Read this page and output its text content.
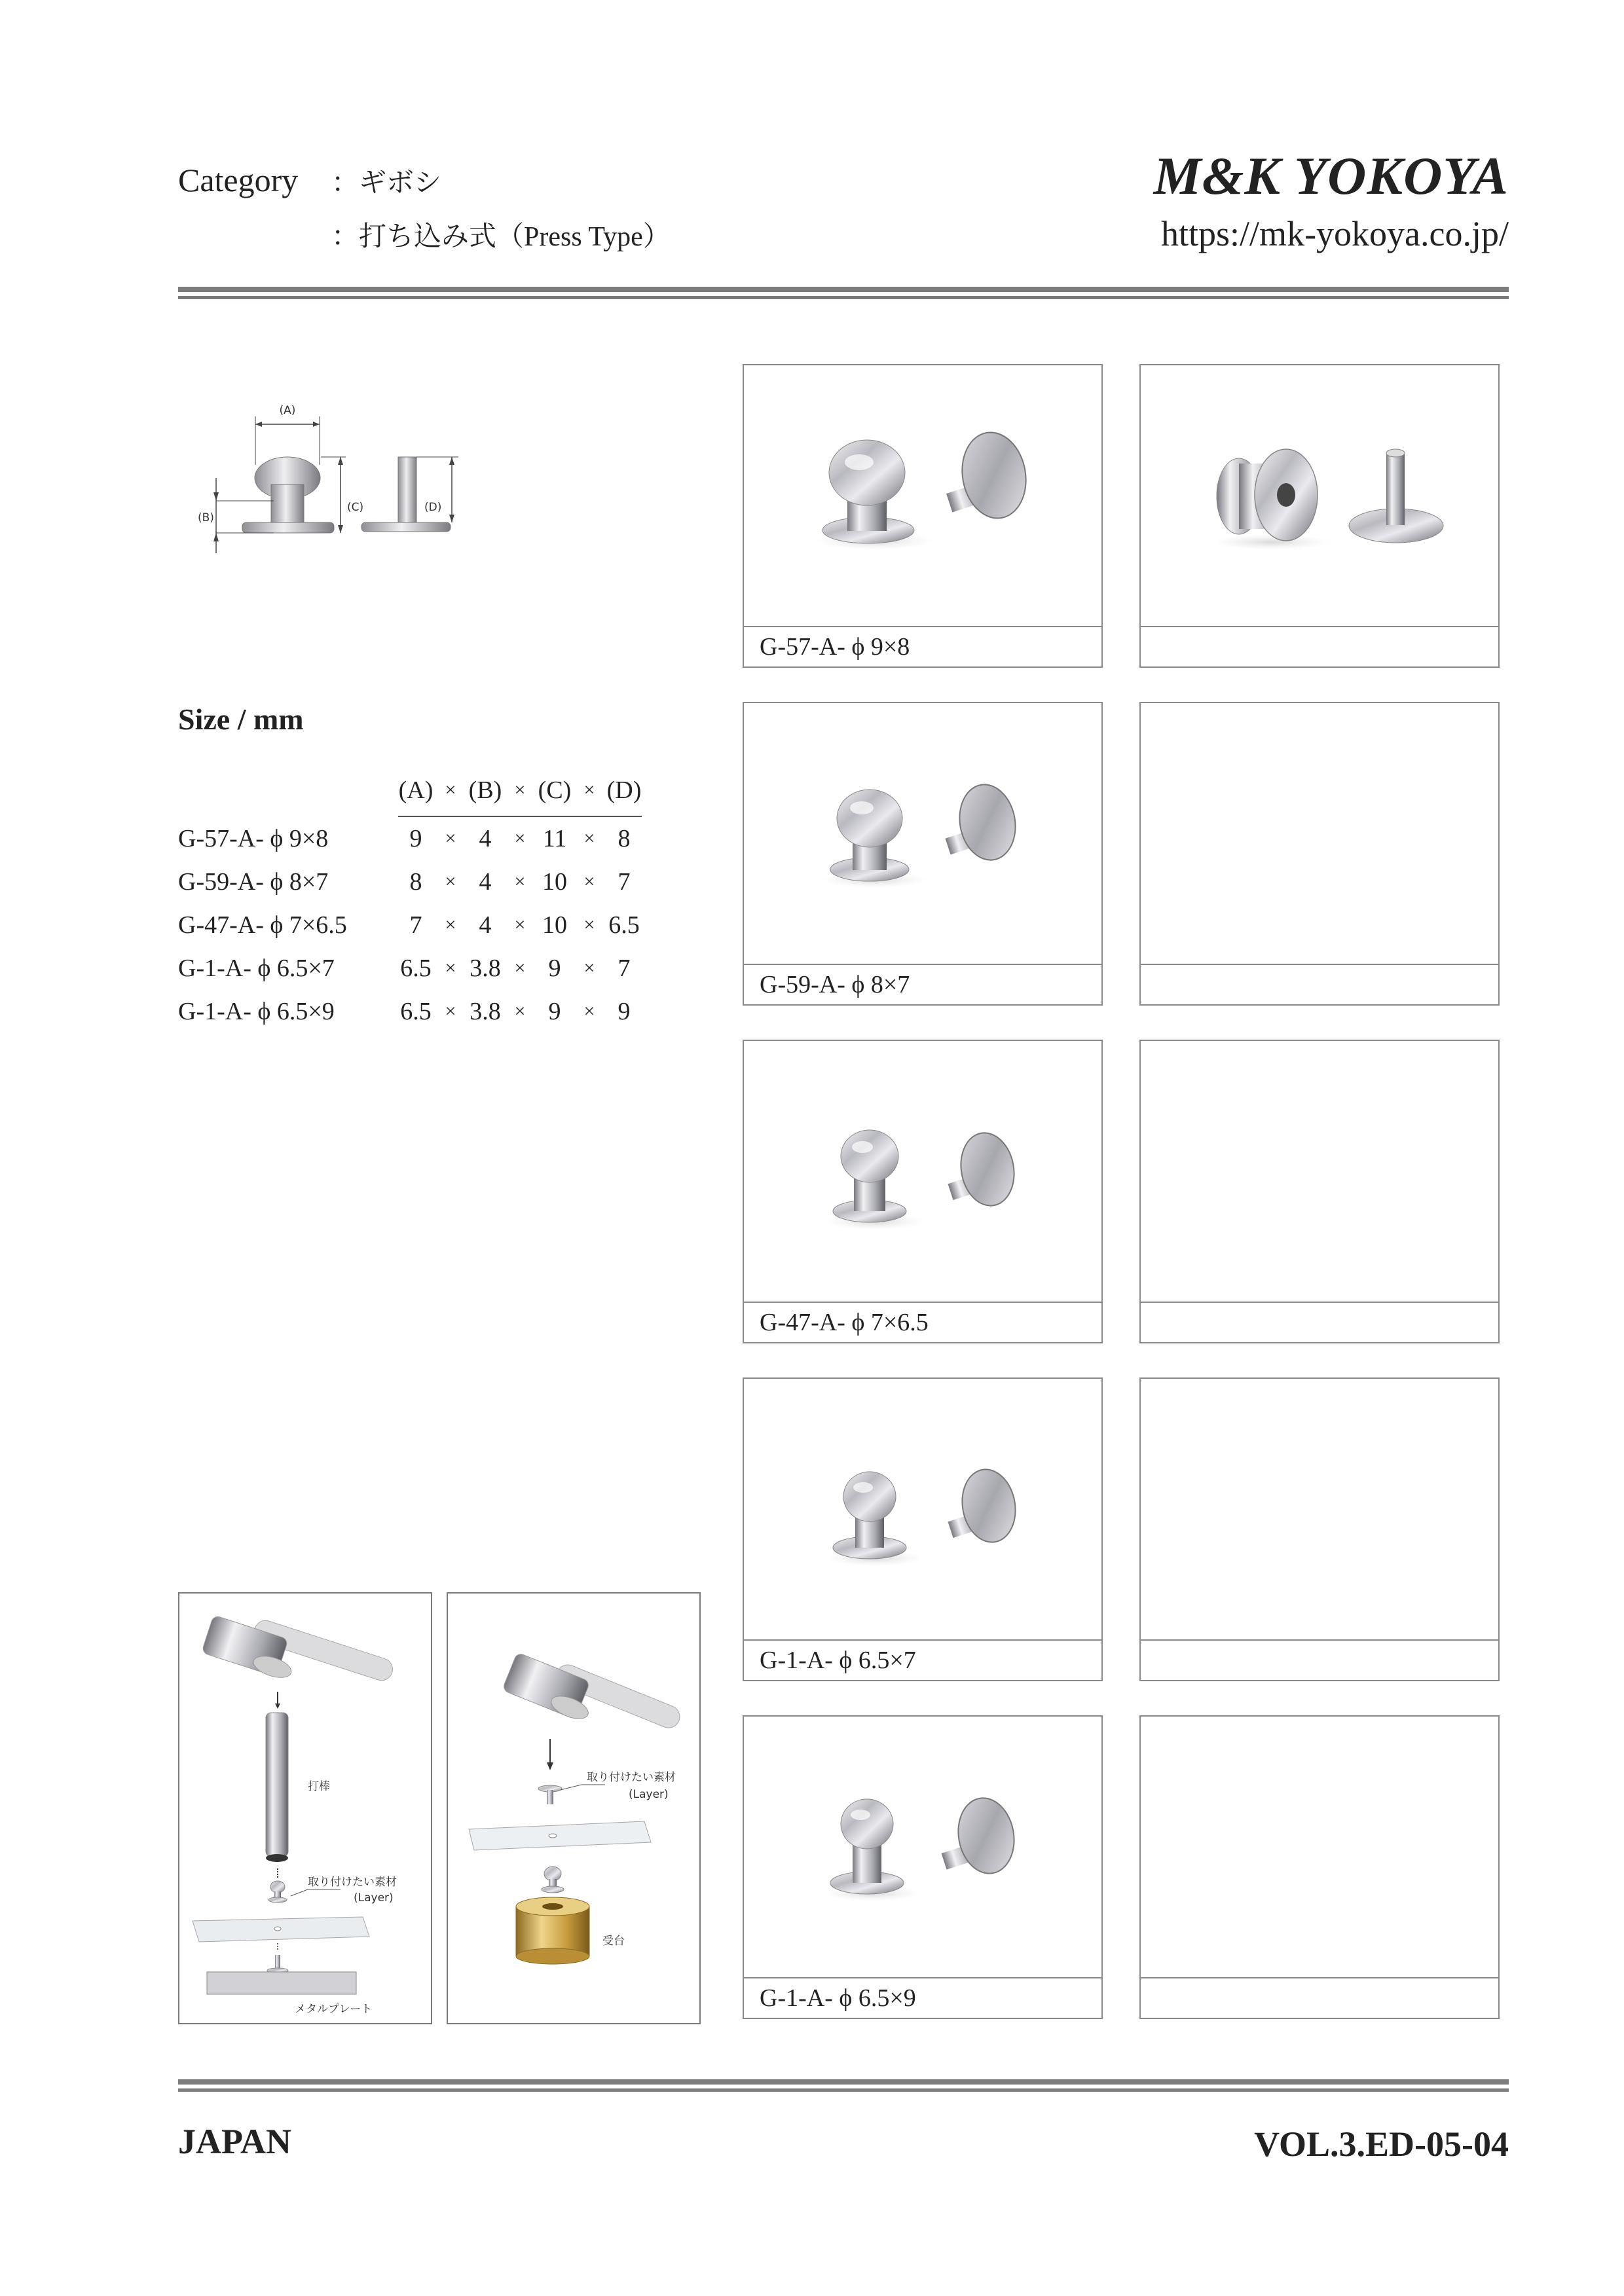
Category ：ギボシ
：打ち込み式（Press Type）
M&K YOKOYA
https://mk-yokoya.co.jp/
(A)
(B)
(C)	(D)
Size / mm
	(A)	×	(B)	×	(C)	×	(D)
G-57-A- ϕ 9×8	9	×	4	×	11	×	8
G-59-A- ϕ 8×7	8	×	4	×	10	×	7
G-47-A- ϕ 7×6.5	7	×	4	×	10	×	6.5
G-1-A- ϕ 6.5×7	6.5	×	3.8	×	9	×	7
G-1-A- ϕ 6.5×9	6.5	×	3.8	×	9	×	9
G-57-A- ϕ 9×8
G-59-A- ϕ 8×7
G-47-A- ϕ 7×6.5
G-1-A- ϕ 6.5×7
G-1-A- ϕ 6.5×9
打棒
取り付けたい素材
(Layer)
メタルプレート
取り付けたい素材
(Layer)
受台
JAPAN	VOL.3.ED-05-04
